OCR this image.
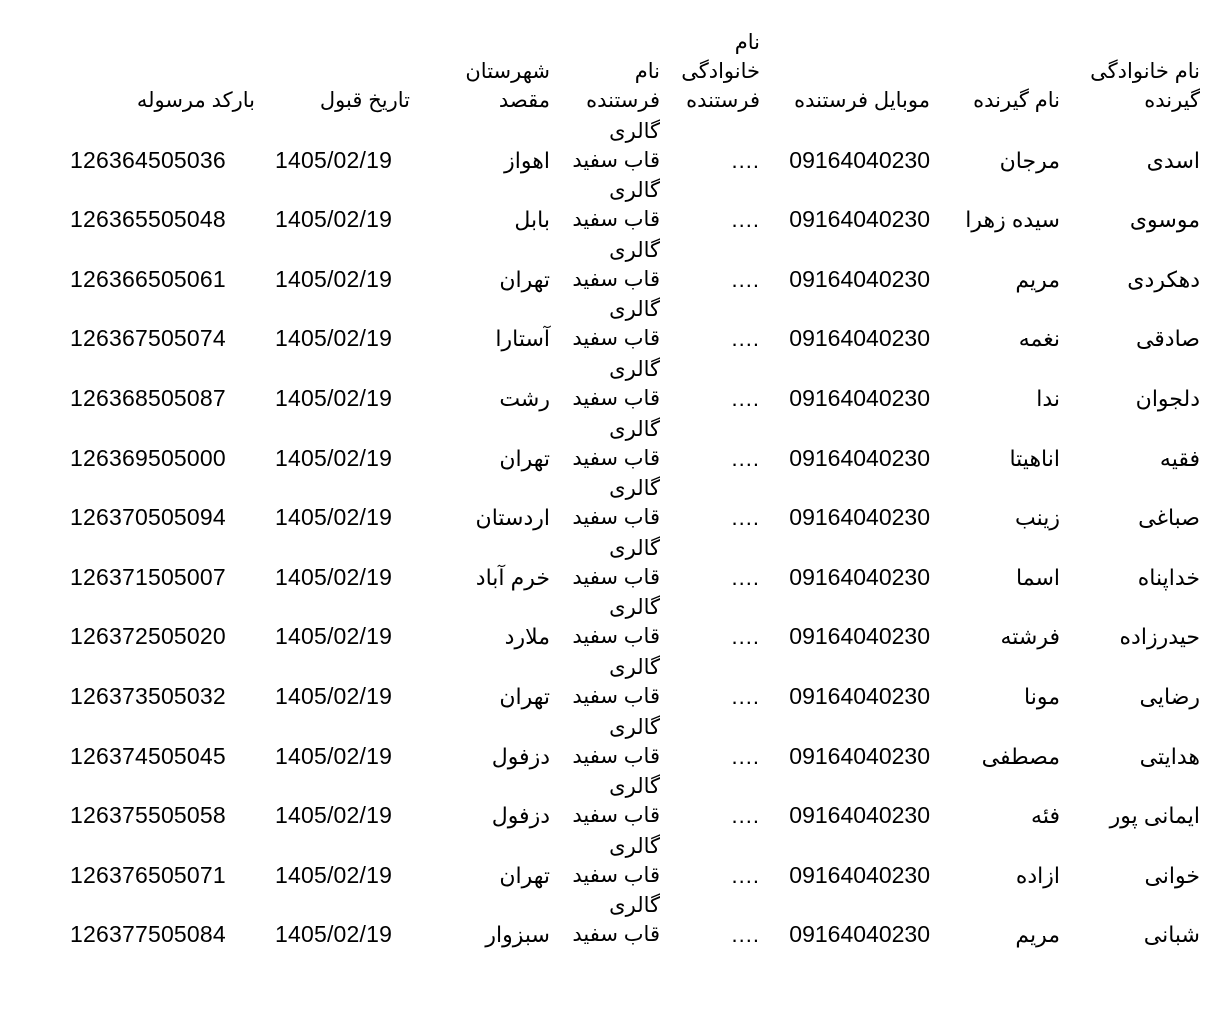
نام خانوادگی گیرنده	نام گیرنده	موبایل فرستنده	نام خانوادگی فرستنده	نام فرستنده	شهرستان مقصد	تاریخ قبول	بارکد مرسوله
اسدی	مرجان	09164040230	....	گالری قاب سفید	اهواز	1405/02/19	126364505036
موسوی	سیده زهرا	09164040230	....	گالری قاب سفید	بابل	1405/02/19	126365505048
دهکردی	مریم	09164040230	....	گالری قاب سفید	تهران	1405/02/19	126366505061
صادقی	نغمه	09164040230	....	گالری قاب سفید	آستارا	1405/02/19	126367505074
دلجوان	ندا	09164040230	....	گالری قاب سفید	رشت	1405/02/19	126368505087
فقیه	اناهیتا	09164040230	....	گالری قاب سفید	تهران	1405/02/19	126369505000
صباغی	زینب	09164040230	....	گالری قاب سفید	اردستان	1405/02/19	126370505094
خداپناه	اسما	09164040230	....	گالری قاب سفید	خرم آباد	1405/02/19	126371505007
حیدرزاده	فرشته	09164040230	....	گالری قاب سفید	ملارد	1405/02/19	126372505020
رضایی	مونا	09164040230	....	گالری قاب سفید	تهران	1405/02/19	126373505032
هدایتی	مصطفی	09164040230	....	گالری قاب سفید	دزفول	1405/02/19	126374505045
ایمانی پور	فئه	09164040230	....	گالری قاب سفید	دزفول	1405/02/19	126375505058
خوانی	ازاده	09164040230	....	گالری قاب سفید	تهران	1405/02/19	126376505071
شبانی	مریم	09164040230	....	گالری قاب سفید	سبزوار	1405/02/19	126377505084
